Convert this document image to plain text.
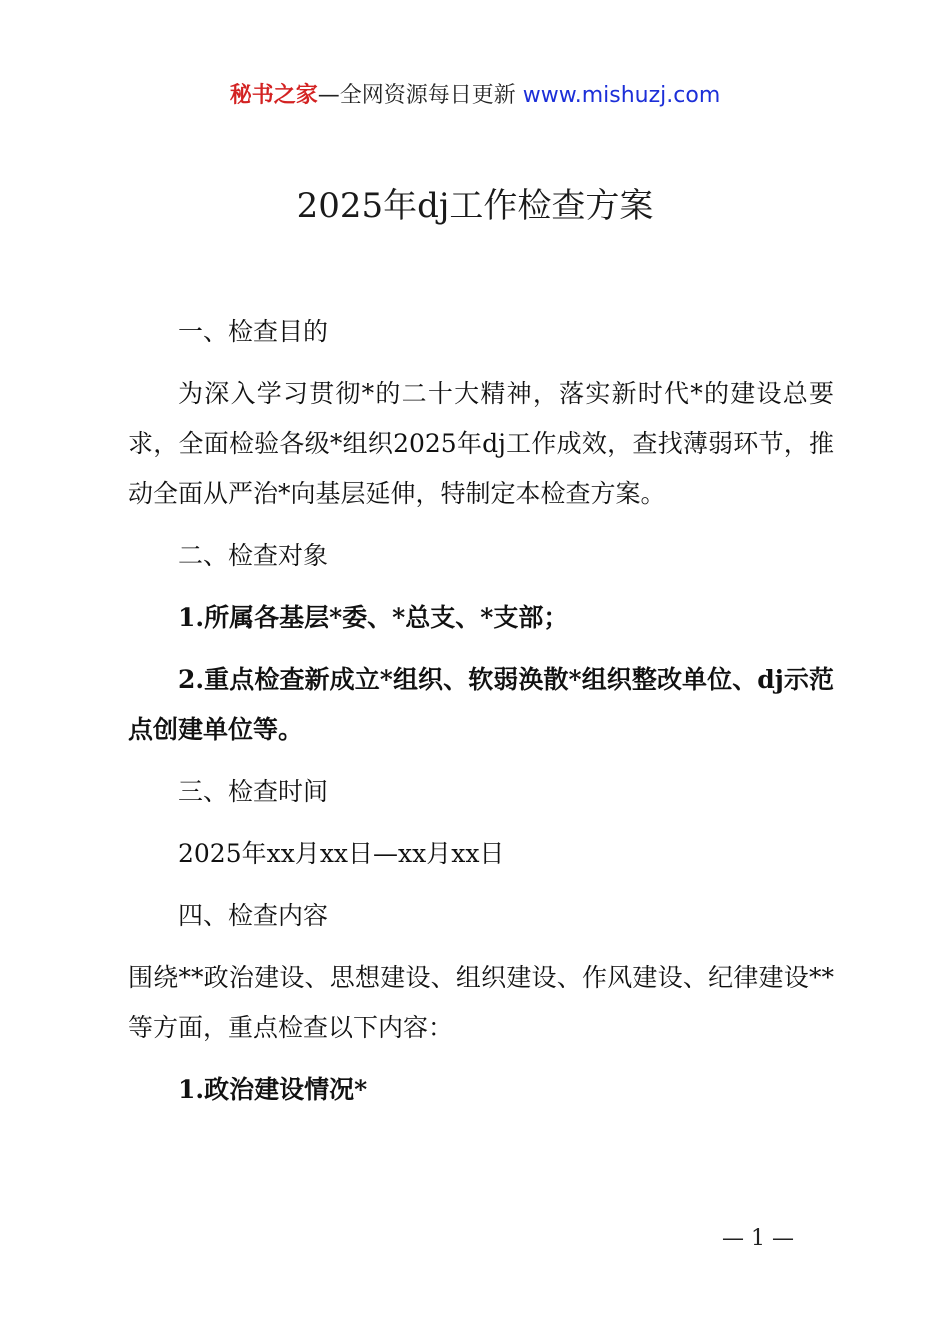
秘书之家—全网资源每日更新 www.mishuzj.com
2025年dj工作检查方案

一、检查目的

为深入学习贯彻*的二十大精神，落实新时代*的建设总要求，全面检验各级*组织2025年dj工作成效，查找薄弱环节，推动全面从严治*向基层延伸，特制定本检查方案。

二、检查对象

1.所属各基层*委、*总支、*支部；

2.重点检查新成立*组织、软弱涣散*组织整改单位、dj示范点创建单位等。

三、检查时间

2025年xx月xx日—xx月xx日

四、检查内容

围绕**政治建设、思想建设、组织建设、作风建设、纪律建设**等方面，重点检查以下内容：

1.政治建设情况*

— 1 —
